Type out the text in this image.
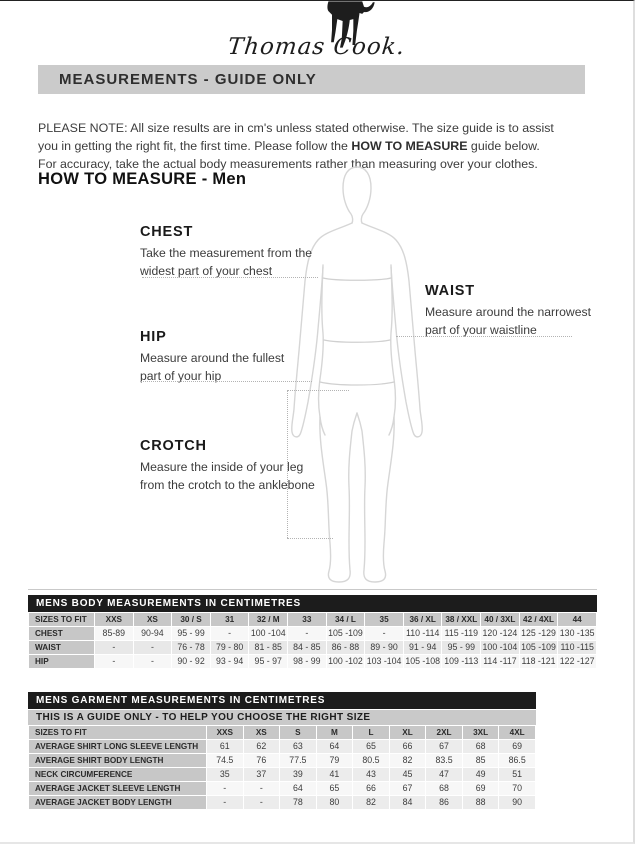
Thomas Cook.
MEASUREMENTS - GUIDE ONLY

PLEASE NOTE: All size results are in cm's unless stated otherwise. The size guide is to assist you in getting the right fit, the first time. Please follow the HOW TO MEASURE guide below. For accuracy, take the actual body measurements rather than measuring over your clothes.

HOW TO MEASURE - Men

CHEST

Take the measurement from the widest part of your chest

WAIST

Measure around the narrowest part of your waistline

HIP

Measure around the fullest part of your hip

CROTCH

Measure the inside of your leg from the crotch to the anklebone

MENS BODY MEASUREMENTS IN CENTIMETRES
SIZES TO FIT	XXS	XS	30 / S	31	32 / M	33	34 / L	35	36 / XL	38 / XXL	40 / 3XL	42 / 4XL	44
CHEST	85-89	90-94	95 - 99	-	100 -104	-	105 -109	-	110 -114	115 -119	120 -124	125 -129	130 -135
WAIST	-	-	76 - 78	79 - 80	81 - 85	84 - 85	86 - 88	89 - 90	91 - 94	95 - 99	100 -104	105 -109	110 -115
HIP	-	-	90 - 92	93 - 94	95 - 97	98 - 99	100 -102	103 -104	105 -108	109 -113	114 -117	118 -121	122 -127
MENS GARMENT MEASUREMENTS IN CENTIMETRES
THIS IS A GUIDE ONLY - TO HELP YOU CHOOSE THE RIGHT SIZE
SIZES TO FIT	XXS	XS	S	M	L	XL	2XL	3XL	4XL
AVERAGE SHIRT LONG SLEEVE LENGTH	61	62	63	64	65	66	67	68	69
AVERAGE SHIRT BODY LENGTH	74.5	76	77.5	79	80.5	82	83.5	85	86.5
NECK CIRCUMFERENCE	35	37	39	41	43	45	47	49	51
AVERAGE JACKET SLEEVE LENGTH	-	-	64	65	66	67	68	69	70
AVERAGE JACKET BODY LENGTH	-	-	78	80	82	84	86	88	90
